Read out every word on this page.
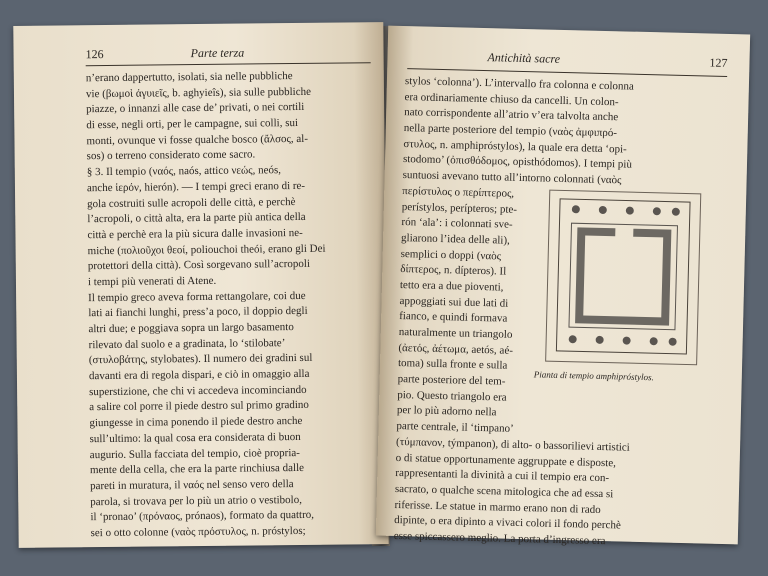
126	Parte terza
n’erano dappertutto, isolati, sia nelle pubbliche
vie (βωμοὶ ἀγυιεῖς, b. aghyieîs), sia sulle pubbliche
piazze, o innanzi alle case de’ privati, o nei cortili
di esse, negli orti, per le campagne, sui colli, sui
monti, ovunque vi fosse qualche bosco (ἄλσος, al-
sos) o terreno considerato come sacro.
§ 3. Il tempio (ναός, naós, attico νεώς, neós,
anche ἱερόν, hierón). — I tempi greci erano di re-
gola costruiti sulle acropoli delle città, e perchè
l’acropoli, o città alta, era la parte più antica della
città e perchè era la più sicura dalle invasioni ne-
miche (πολιοῦχοι θεοί, poliouchoi theói, erano gli Dei
protettori della città). Così sorgevano sull’acropoli
i tempi più venerati di Atene.
Il tempio greco aveva forma rettangolare, coi due
lati ai fianchi lunghi, press’a poco, il doppio degli
altri due; e poggiava sopra un largo basamento
rilevato dal suolo e a gradinata, lo ‘stilobate’
(στυλοβάτης, stylobates). Il numero dei gradini sul
davanti era di regola dispari, e ciò in omaggio alla
superstizione, che chi vi accedeva incominciando
a salire col porre il piede destro sul primo gradino
giungesse in cima ponendo il piede destro anche
sull’ultimo: la qual cosa era considerata di buon
augurio. Sulla facciata del tempio, cioè propria-
mente della cella, che era la parte rinchiusa dalle
pareti in muratura, il ναός nel senso vero della
parola, si trovava per lo più un atrio o vestibolo,
il ‘pronao’ (πρόναος, prónaos), formato da quattro,
sei o otto colonne (ναὸς πρόστυλος, n. próstylos;
Antichità sacre	127
stylos ‘colonna’). L’intervallo fra colonna e colonna
era ordinariamente chiuso da cancelli. Un colon-
nato corrispondente all’atrio v’era talvolta anche
nella parte posteriore del tempio (ναὸς ἀμφιπρό-
στυλος, n. amphipróstylos), la quale era detta ‘opi-
stodomo’ (ὀπισθόδομος, opisthódomos). I tempi più
suntuosi avevano tutto all’intorno colonnati (ναὸς
περίστυλος o περίπτερος,
perístylos, perípteros; pte-
rón ‘ala’: i colonnati sve-
gliarono l’idea delle ali),
semplici o doppi (ναὸς
δίπτερος, n. dípteros). Il
tetto era a due pioventi,
appoggiati sui due lati di
fianco, e quindi formava
naturalmente un triangolo
(ἀετός, ἀέτωμα, aetós, aé-
toma) sulla fronte e sulla
parte posteriore del tem-
pio. Questo triangolo era
per lo più adorno nella
parte centrale, il ‘timpano’
(τύμπανον, týmpanon), di alto- o bassorilievi artistici
o di statue opportunamente aggruppate e disposte,
rappresentanti la divinità a cui il tempio era con-
sacrato, o qualche scena mitologica che ad essa si
riferisse. Le statue in marmo erano non di rado
dipinte, o era dipinto a vivaci colori il fondo perchè
esse spiccassero meglio. La porta d’ingresso era
Pianta di tempio amphipróstylos.
